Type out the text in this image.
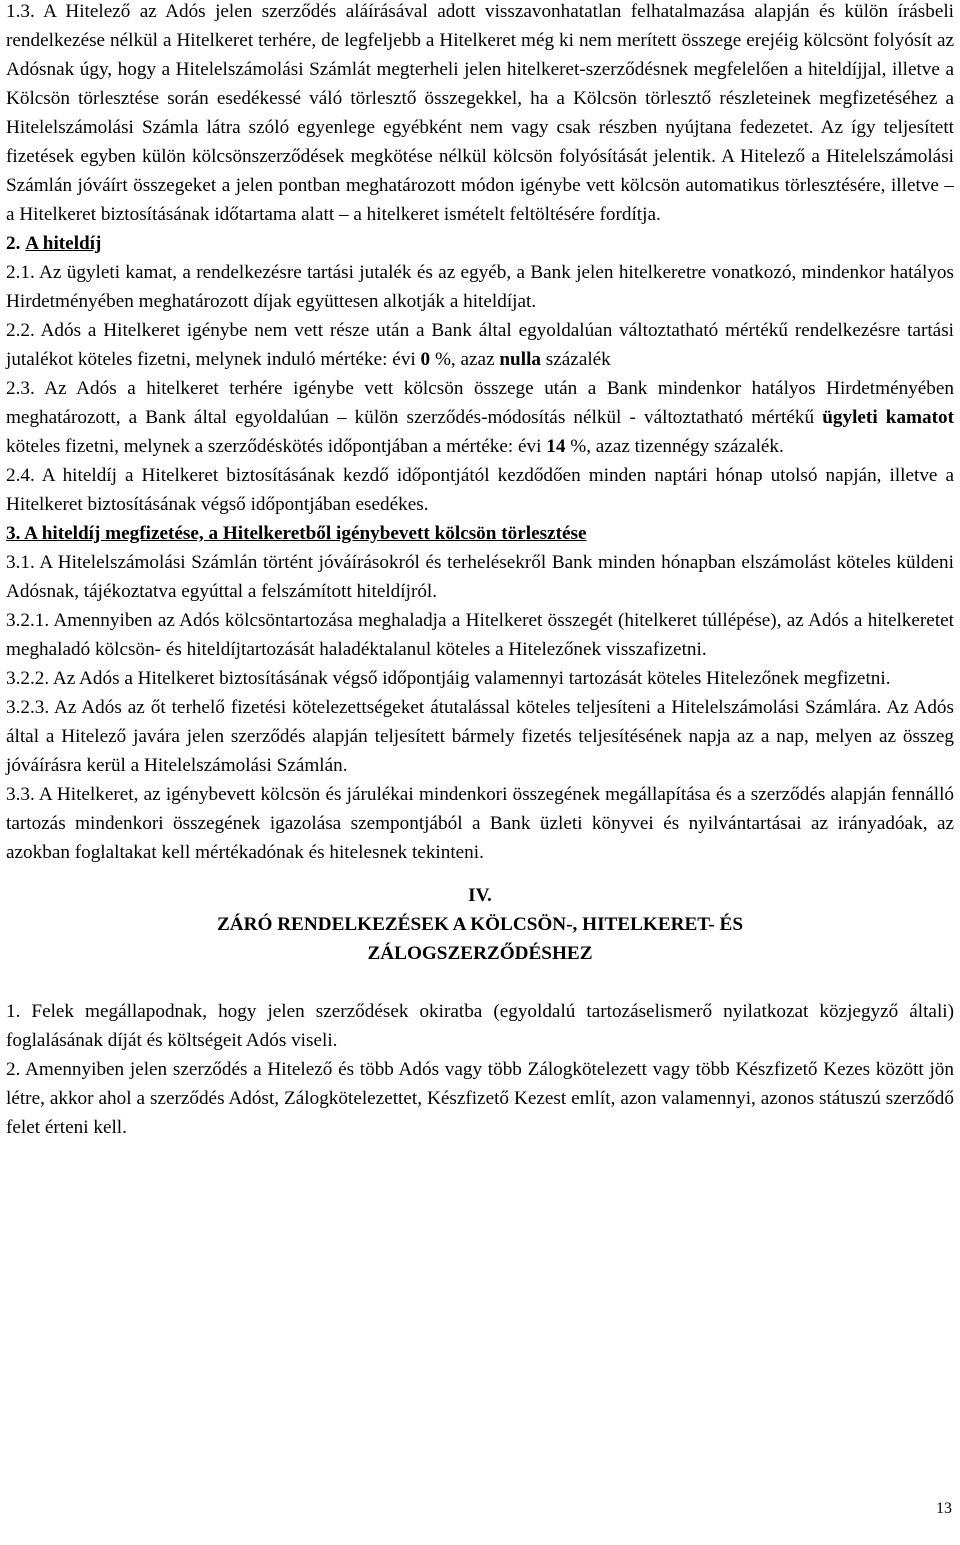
1.3. A Hitelező az Adós jelen szerződés aláírásával adott visszavonhatatlan felhatalmazása alapján és külön írásbeli rendelkezése nélkül a Hitelkeret terhére, de legfeljebb a Hitelkeret még ki nem merített összege erejéig kölcsönt folyósít az Adósnak úgy, hogy a Hitelelszámolási Számlát megterheli jelen hitelkeret-szerződésnek megfelelően a hiteldíjjal, illetve a Kölcsön törlesztése során esedékessé váló törlesztő összegekkel, ha a Kölcsön törlesztő részleteinek megfizetéséhez a Hitelelszámolási Számla látra szóló egyenlege egyébként nem vagy csak részben nyújtana fedezetet. Az így teljesített fizetések egyben külön kölcsönszerződések megkötése nélkül kölcsön folyósítását jelentik. A Hitelező a Hitelelszámolási Számlán jóváírt összegeket a jelen pontban meghatározott módon igénybe vett kölcsön automatikus törlesztésére, illetve – a Hitelkeret biztosításának időtartama alatt – a hitelkeret ismételt feltöltésére fordítja.

2. A hiteldíj

2.1. Az ügyleti kamat, a rendelkezésre tartási jutalék és az egyéb, a Bank jelen hitelkeretre vonatkozó, mindenkor hatályos Hirdetményében meghatározott díjak együttesen alkotják a hiteldíjat.

2.2. Adós a Hitelkeret igénybe nem vett része után a Bank által egyoldalúan változtatható mértékű rendelkezésre tartási jutalékot köteles fizetni, melynek induló mértéke: évi 0 %, azaz nulla százalék

2.3. Az Adós a hitelkeret terhére igénybe vett kölcsön összege után a Bank mindenkor hatályos Hirdetményében meghatározott, a Bank által egyoldalúan – külön szerződés-módosítás nélkül - változtatható mértékű ügyleti kamatot köteles fizetni, melynek a szerződéskötés időpontjában a mértéke: évi 14 %, azaz tizennégy százalék.

2.4. A hiteldíj a Hitelkeret biztosításának kezdő időpontjától kezdődően minden naptári hónap utolsó napján, illetve a Hitelkeret biztosításának végső időpontjában esedékes.

3. A hiteldíj megfizetése, a Hitelkeretből igénybevett kölcsön törlesztése

3.1. A Hitelelszámolási Számlán történt jóváírásokról és terhelésekről Bank minden hónapban elszámolást köteles küldeni Adósnak, tájékoztatva egyúttal a felszámított hiteldíjról.

3.2.1. Amennyiben az Adós kölcsöntartozása meghaladja a Hitelkeret összegét (hitelkeret túllépése), az Adós a hitelkeretet meghaladó kölcsön- és hiteldíjtartozását haladéktalanul köteles a Hitelezőnek visszafizetni.

3.2.2. Az Adós a Hitelkeret biztosításának végső időpontjáig valamennyi tartozását köteles Hitelezőnek megfizetni.

3.2.3. Az Adós az őt terhelő fizetési kötelezettségeket átutalással köteles teljesíteni a Hitelelszámolási Számlára. Az Adós által a Hitelező javára jelen szerződés alapján teljesített bármely fizetés teljesítésének napja az a nap, melyen az összeg jóváírásra kerül a Hitelelszámolási Számlán.

3.3. A Hitelkeret, az igénybevett kölcsön és járulékai mindenkori összegének megállapítása és a szerződés alapján fennálló tartozás mindenkori összegének igazolása szempontjából a Bank üzleti könyvei és nyilvántartásai az irányadóak, az azokban foglaltakat kell mértékadónak és hitelesnek tekinteni.

IV.

ZÁRÓ RENDELKEZÉSEK A KÖLCSÖN-, HITELKERET- ÉS

ZÁLOGSZERZŐDÉSHEZ

1. Felek megállapodnak, hogy jelen szerződések okiratba (egyoldalú tartozáselismerő nyilatkozat közjegyző általi) foglalásának díját és költségeit Adós viseli.

2. Amennyiben jelen szerződés a Hitelező és több Adós vagy több Zálogkötelezett vagy több Készfizető Kezes között jön létre, akkor ahol a szerződés Adóst, Zálogkötelezettet, Készfizető Kezest említ, azon valamennyi, azonos státuszú szerződő felet érteni kell.

13
